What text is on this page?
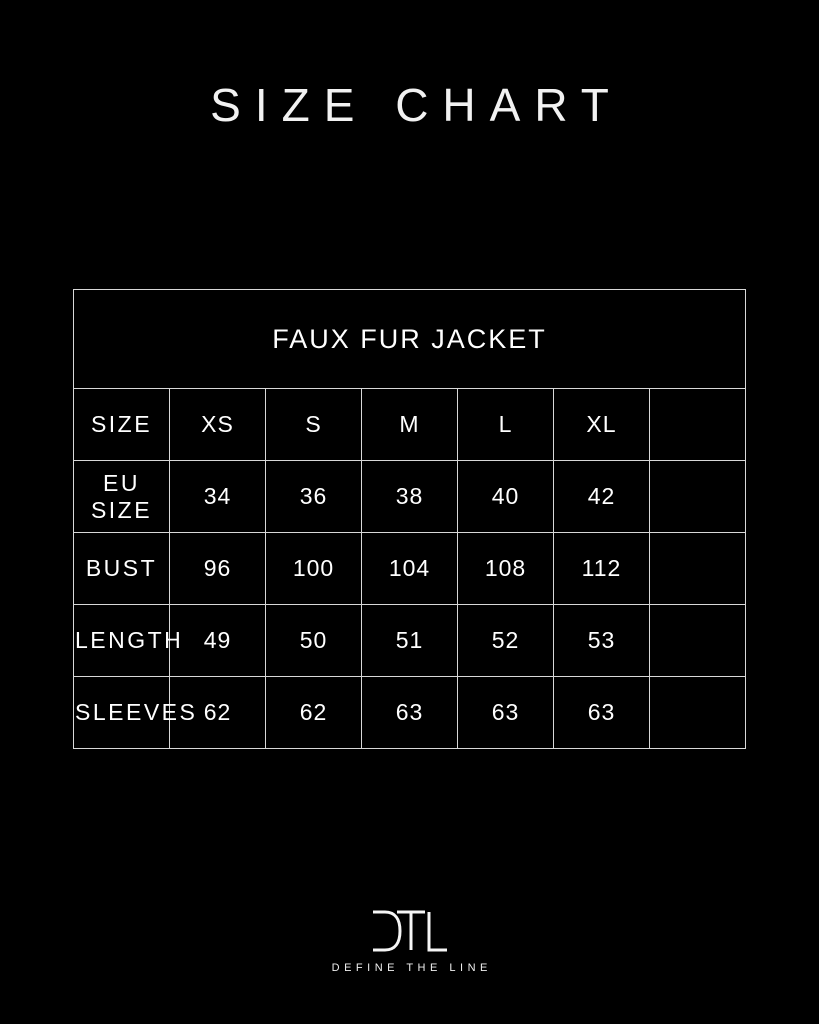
SIZE CHART
FAUX FUR JACKET						
SIZE	XS	S	M	L	XL	
EU SIZE	34	36	38	40	42	
BUST	96	100	104	108	112	
LENGTH	49	50	51	52	53	
SLEEVES	62	62	63	63	63	
DEFINE THE LINE
